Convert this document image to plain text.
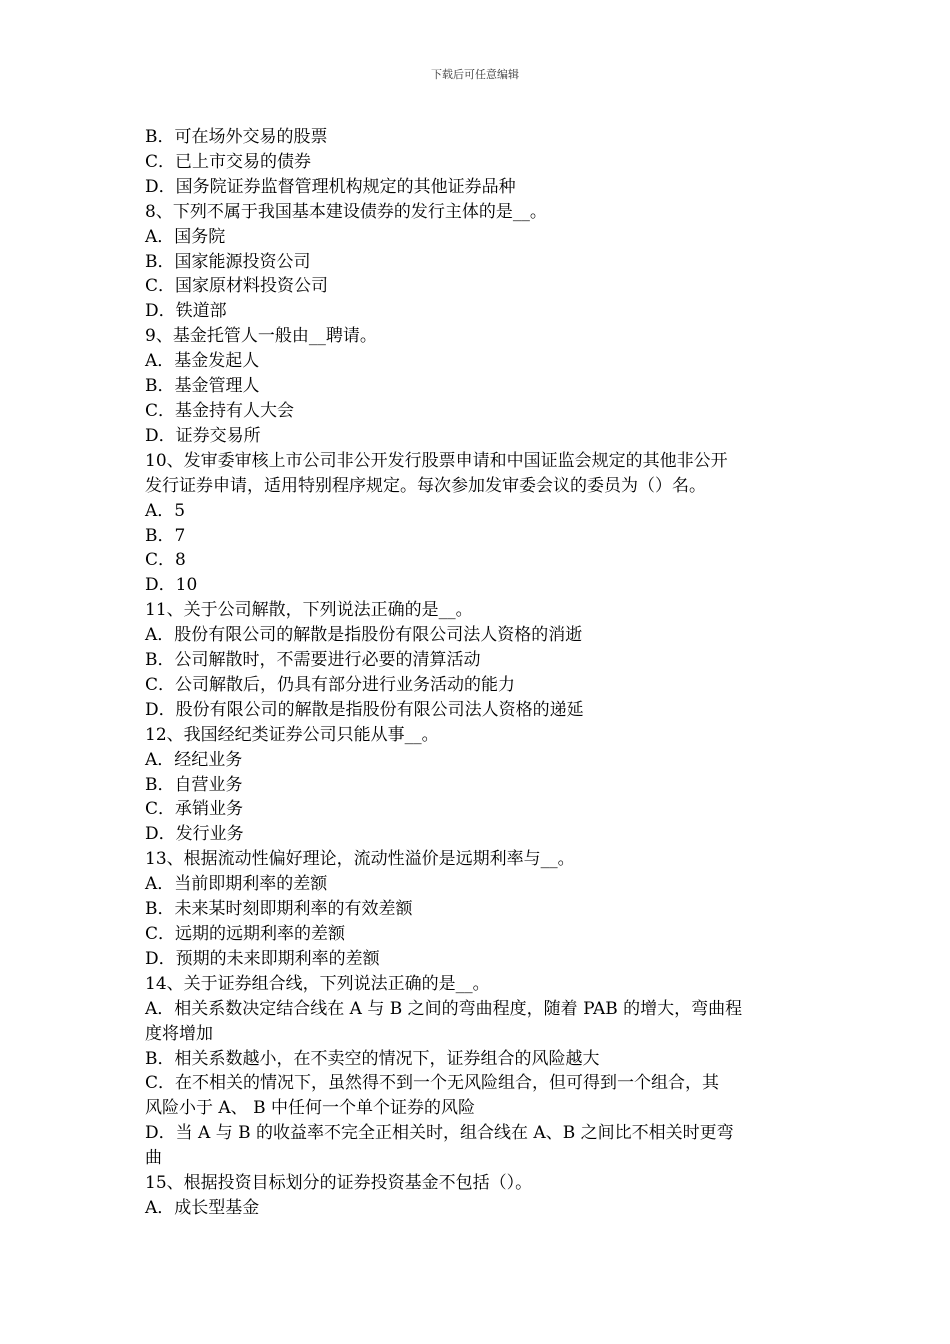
下载后可任意编辑
B．可在场外交易的股票
C．已上市交易的债券
D．国务院证券监督管理机构规定的其他证券品种
8、下列不属于我国基本建设债券的发行主体的是__。
A．国务院
B．国家能源投资公司
C．国家原材料投资公司
D．铁道部
9、基金托管人一般由__聘请。
A．基金发起人
B．基金管理人
C．基金持有人大会
D．证券交易所
10、发审委审核上市公司非公开发行股票申请和中国证监会规定的其他非公开
发行证券申请，适用特别程序规定。每次参加发审委会议的委员为（）名。
A．5
B．7
C．8
D．10
11、关于公司解散，下列说法正确的是__。
A．股份有限公司的解散是指股份有限公司法人资格的消逝
B．公司解散时，不需要进行必要的清算活动
C．公司解散后，仍具有部分进行业务活动的能力
D．股份有限公司的解散是指股份有限公司法人资格的递延
12、我国经纪类证券公司只能从事__。
A．经纪业务
B．自营业务
C．承销业务
D．发行业务
13、根据流动性偏好理论，流动性溢价是远期利率与__。
A．当前即期利率的差额
B．未来某时刻即期利率的有效差额
C．远期的远期利率的差额
D．预期的未来即期利率的差额
14、关于证券组合线，下列说法正确的是__。
A．相关系数决定结合线在 A 与 B 之间的弯曲程度，随着 PAB 的增大，弯曲程
度将增加
B．相关系数越小，在不卖空的情况下，证券组合的风险越大
C．在不相关的情况下，虽然得不到一个无风险组合，但可得到一个组合，其
风险小于 A、 B 中任何一个单个证券的风险
D．当 A 与 B 的收益率不完全正相关时，组合线在 A、B 之间比不相关时更弯
曲
15、根据投资目标划分的证券投资基金不包括（）。
A．成长型基金
